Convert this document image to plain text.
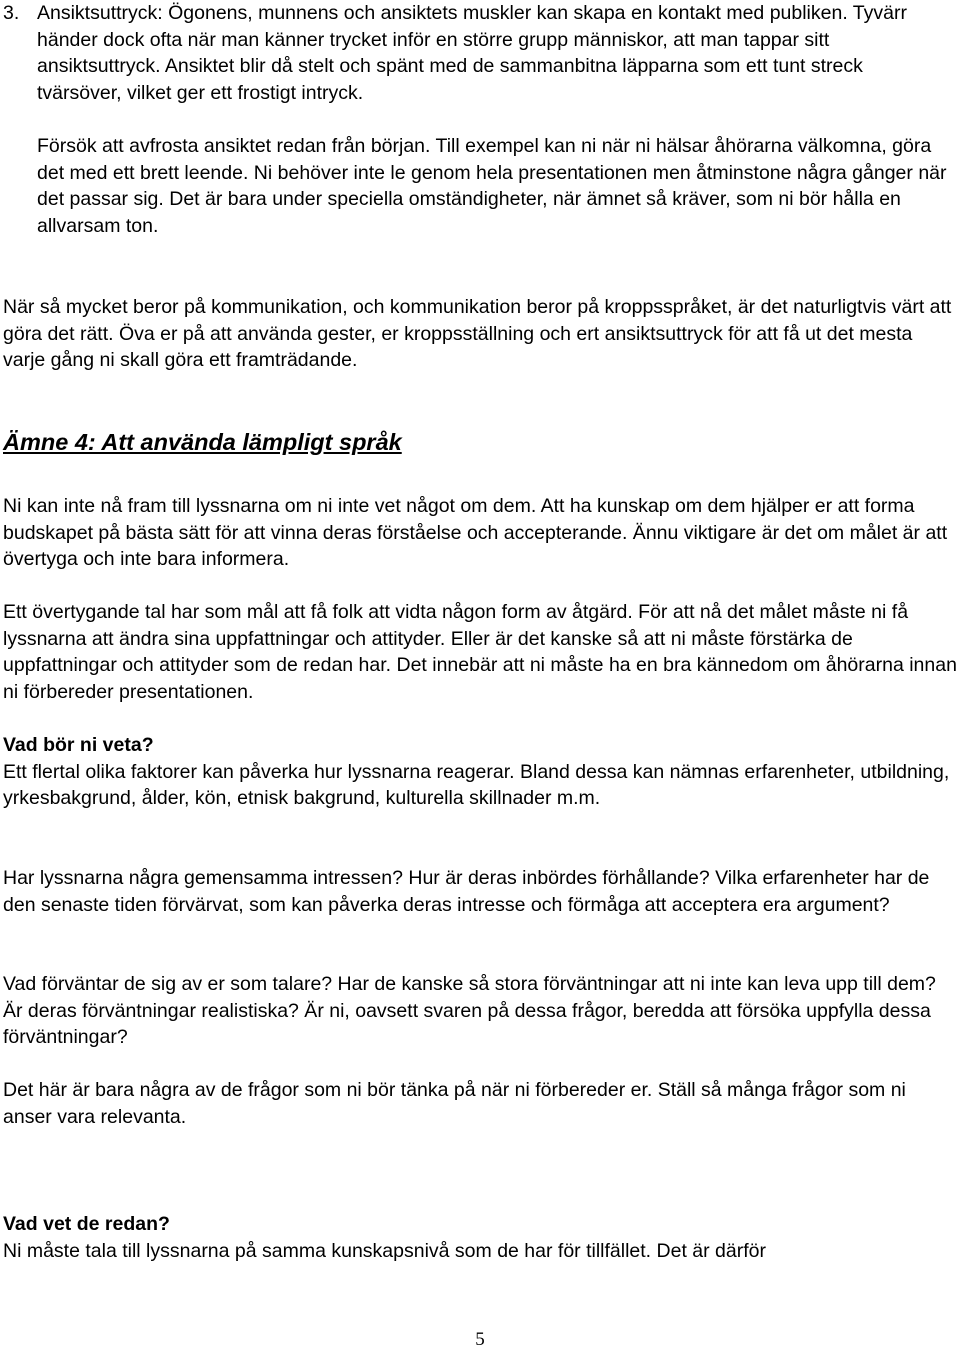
3. Ansiktsuttryck: Ögonens, munnens och ansiktets muskler kan skapa en kontakt med publiken. Tyvärr händer dock ofta när man känner trycket inför en större grupp människor, att man tappar sitt ansiktsuttryck. Ansiktet blir då stelt och spänt med de sammanbitna läpparna som ett tunt streck tvärsöver, vilket ger ett frostigt intryck.

Försök att avfrosta ansiktet redan från början. Till exempel kan ni när ni hälsar åhörarna välkomna, göra det med ett brett leende. Ni behöver inte le genom hela presentationen men åtminstone några gånger när det passar sig. Det är bara under speciella omständigheter, när ämnet så kräver, som ni bör hålla en allvarsam ton.

När så mycket beror på kommunikation, och kommunikation beror på kroppsspråket, är det naturligtvis värt att göra det rätt. Öva er på att använda gester, er kroppsställning och ert ansiktsuttryck för att få ut det mesta varje gång ni skall göra ett framträdande.

Ämne 4: Att använda lämpligt språk

Ni kan inte nå fram till lyssnarna om ni inte vet något om dem. Att ha kunskap om dem hjälper er att forma budskapet på bästa sätt för att vinna deras förståelse och accepterande. Ännu viktigare är det om målet är att övertyga och inte bara informera.

Ett övertygande tal har som mål att få folk att vidta någon form av åtgärd. För att nå det målet måste ni få lyssnarna att ändra sina uppfattningar och attityder. Eller är det kanske så att ni måste förstärka de uppfattningar och attityder som de redan har. Det innebär att ni måste ha en bra kännedom om åhörarna innan ni förbereder presentationen.

Vad bör ni veta?
Ett flertal olika faktorer kan påverka hur lyssnarna reagerar. Bland dessa kan nämnas erfarenheter, utbildning, yrkesbakgrund, ålder, kön, etnisk bakgrund, kulturella skillnader m.m.

Har lyssnarna några gemensamma intressen? Hur är deras inbördes förhållande? Vilka erfarenheter har de den senaste tiden förvärvat, som kan påverka deras intresse och förmåga att acceptera era argument?

Vad förväntar de sig av er som talare? Har de kanske så stora förväntningar att ni inte kan leva upp till dem? Är deras förväntningar realistiska? Är ni, oavsett svaren på dessa frågor, beredda att försöka uppfylla dessa förväntningar?

Det här är bara några av de frågor som ni bör tänka på när ni förbereder er. Ställ så många frågor som ni anser vara relevanta.

Vad vet de redan?
Ni måste tala till lyssnarna på samma kunskapsnivå som de har för tillfället. Det är därför
5
